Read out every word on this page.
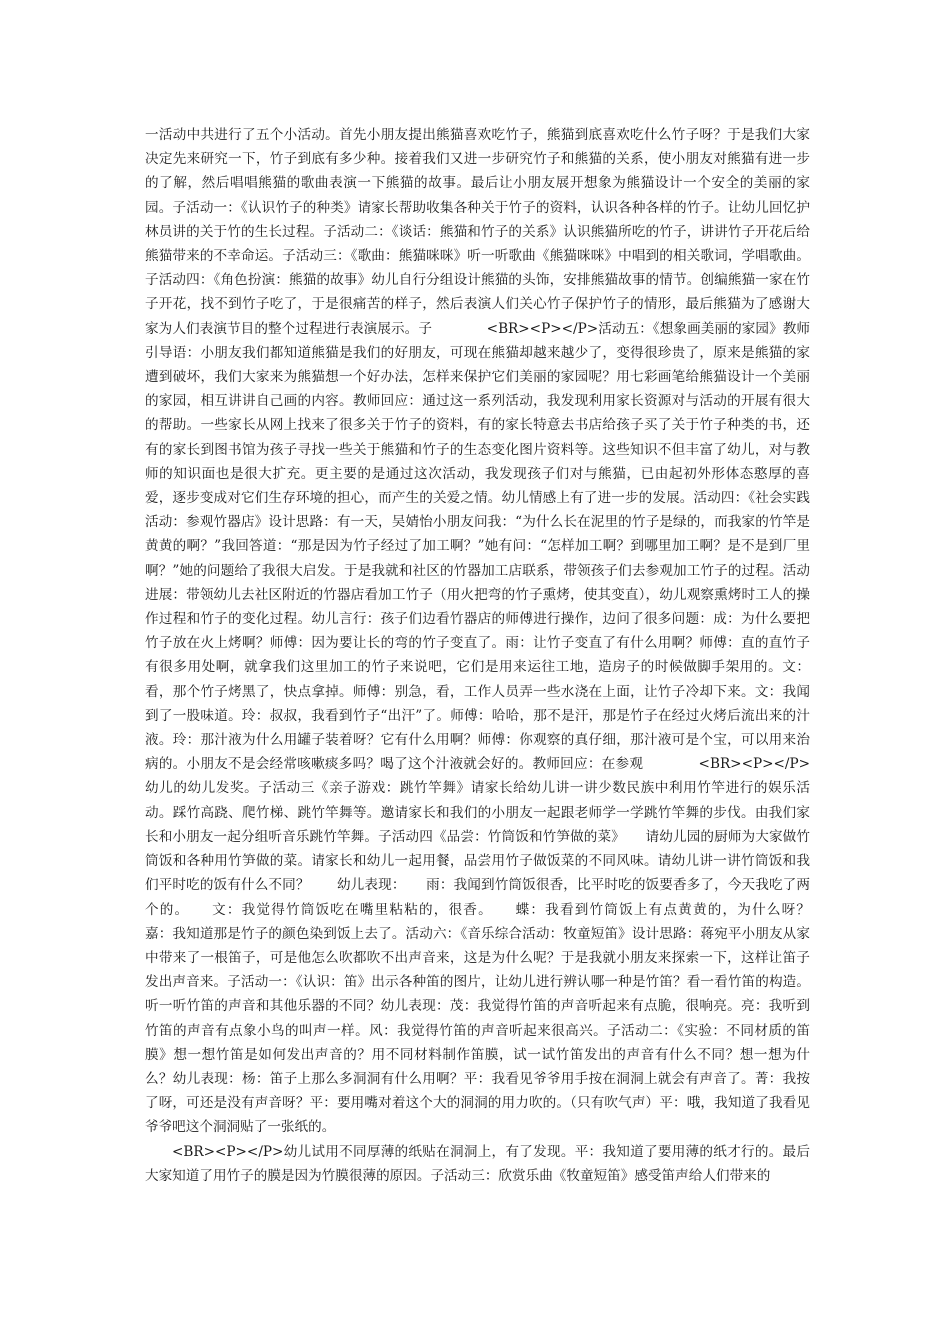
一活动中共进行了五个小活动。首先小朋友提出熊猫喜欢吃竹子，熊猫到底喜欢吃什么竹子呀？于是我们大家决定先来研究一下，竹子到底有多少种。接着我们又进一步研究竹子和熊猫的关系，使小朋友对熊猫有进一步的了解，然后唱唱熊猫的歌曲表演一下熊猫的故事。最后让小朋友展开想象为熊猫设计一个安全的美丽的家园。子活动一：《认识竹子的种类》请家长帮助收集各种关于竹子的资料，认识各种各样的竹子。让幼儿回忆护林员讲的关于竹的生长过程。子活动二：《谈话：熊猫和竹子的关系》认识熊猫所吃的竹子，讲讲竹子开花后给熊猫带来的不幸命运。子活动三：《歌曲：熊猫咪咪》听一听歌曲《熊猫咪咪》中唱到的相关歌词，学唱歌曲。子活动四：《角色扮演：熊猫的故事》幼儿自行分组设计熊猫的头饰，安排熊猫故事的情节。创编熊猫一家在竹子开花，找不到竹子吃了，于是很痛苦的样子，然后表演人们关心竹子保护竹子的情形，最后熊猫为了感谢大家为人们表演节目的整个过程进行表演展示。子　　　　<BR><P></P>活动五：《想象画美丽的家园》教师引导语：小朋友我们都知道熊猫是我们的好朋友，可现在熊猫却越来越少了，变得很珍贵了，原来是熊猫的家遭到破坏，我们大家来为熊猫想一个好办法，怎样来保护它们美丽的家园呢？用七彩画笔给熊猫设计一个美丽的家园，相互讲讲自己画的内容。教师回应：通过这一系列活动，我发现利用家长资源对与活动的开展有很大的帮助。一些家长从网上找来了很多关于竹子的资料，有的家长特意去书店给孩子买了关于竹子种类的书，还有的家长到图书馆为孩子寻找一些关于熊猫和竹子的生态变化图片资料等。这些知识不但丰富了幼儿，对与教师的知识面也是很大扩充。更主要的是通过这次活动，我发现孩子们对与熊猫，已由起初外形体态憨厚的喜爱，逐步变成对它们生存环境的担心，而产生的关爱之情。幼儿情感上有了进一步的发展。活动四：《社会实践活动：参观竹器店》设计思路：有一天，吴婧怡小朋友问我：“为什么长在泥里的竹子是绿的，而我家的竹竿是黄黄的啊？”我回答道：“那是因为竹子经过了加工啊？”她有问：“怎样加工啊？到哪里加工啊？是不是到厂里啊？”她的问题给了我很大启发。于是我就和社区的竹器加工店联系，带领孩子们去参观加工竹子的过程。活动进展：带领幼儿去社区附近的竹器店看加工竹子（用火把弯的竹子熏烤，使其变直），幼儿观察熏烤时工人的操作过程和竹子的变化过程。幼儿言行：孩子们边看竹器店的师傅进行操作，边问了很多问题：成：为什么要把竹子放在火上烤啊？师傅：因为要让长的弯的竹子变直了。雨：让竹子变直了有什么用啊？师傅：直的直竹子有很多用处啊，就拿我们这里加工的竹子来说吧，它们是用来运往工地，造房子的时候做脚手架用的。文：看，那个竹子烤黑了，快点拿掉。师傅：别急，看，工作人员弄一些水浇在上面，让竹子冷却下来。文：我闻到了一股味道。玲：叔叔，我看到竹子“出汗”了。师傅：哈哈，那不是汗，那是竹子在经过火烤后流出来的汁液。玲：那汁液为什么用罐子装着呀？它有什么用啊？师傅：你观察的真仔细，那汁液可是个宝，可以用来治病的。小朋友不是会经常咳嗽痰多吗？喝了这个汁液就会好的。教师回应：在参观　　　　<BR><P></P>幼儿的幼儿发奖。子活动三《亲子游戏：跳竹竿舞》请家长给幼儿讲一讲少数民族中利用竹竿进行的娱乐活动。踩竹高跷、爬竹梯、跳竹竿舞等。邀请家长和我们的小朋友一起跟老师学一学跳竹竿舞的步伐。由我们家长和小朋友一起分组听音乐跳竹竿舞。子活动四《品尝：竹筒饭和竹笋做的菜》　　请幼儿园的厨师为大家做竹筒饭和各种用竹笋做的菜。请家长和幼儿一起用餐，品尝用竹子做饭菜的不同风味。请幼儿讲一讲竹筒饭和我们平时吃的饭有什么不同？　　幼儿表现：　　雨：我闻到竹筒饭很香，比平时吃的饭要香多了，今天我吃了两个的。　　文：我觉得竹筒饭吃在嘴里粘粘的，很香。　　蝶：我看到竹筒饭上有点黄黄的，为什么呀？　　嘉：我知道那是竹子的颜色染到饭上去了。活动六：《音乐综合活动：牧童短笛》设计思路：蒋宛平小朋友从家中带来了一根笛子，可是他怎么吹都吹不出声音来，这是为什么呢？于是我就小朋友来探索一下，这样让笛子发出声音来。子活动一：《认识：笛》出示各种笛的图片，让幼儿进行辨认哪一种是竹笛？看一看竹笛的构造。听一听竹笛的声音和其他乐器的不同？幼儿表现：茂：我觉得竹笛的声音听起来有点脆，很响亮。亮：我听到竹笛的声音有点象小鸟的叫声一样。风：我觉得竹笛的声音听起来很高兴。子活动二：《实验：不同材质的笛膜》想一想竹笛是如何发出声音的？用不同材料制作笛膜，试一试竹笛发出的声音有什么不同？想一想为什么？幼儿表现：杨：笛子上那么多洞洞有什么用啊？平：我看见爷爷用手按在洞洞上就会有声音了。菁：我按了呀，可还是没有声音呀？平：要用嘴对着这个大的洞洞的用力吹的。（只有吹气声）平：哦，我知道了我看见爷爷吧这个洞洞贴了一张纸的。

<BR><P></P>幼儿试用不同厚薄的纸贴在洞洞上，有了发现。平：我知道了要用薄的纸才行的。最后大家知道了用竹子的膜是因为竹膜很薄的原因。子活动三：欣赏乐曲《牧童短笛》感受笛声给人们带来的
